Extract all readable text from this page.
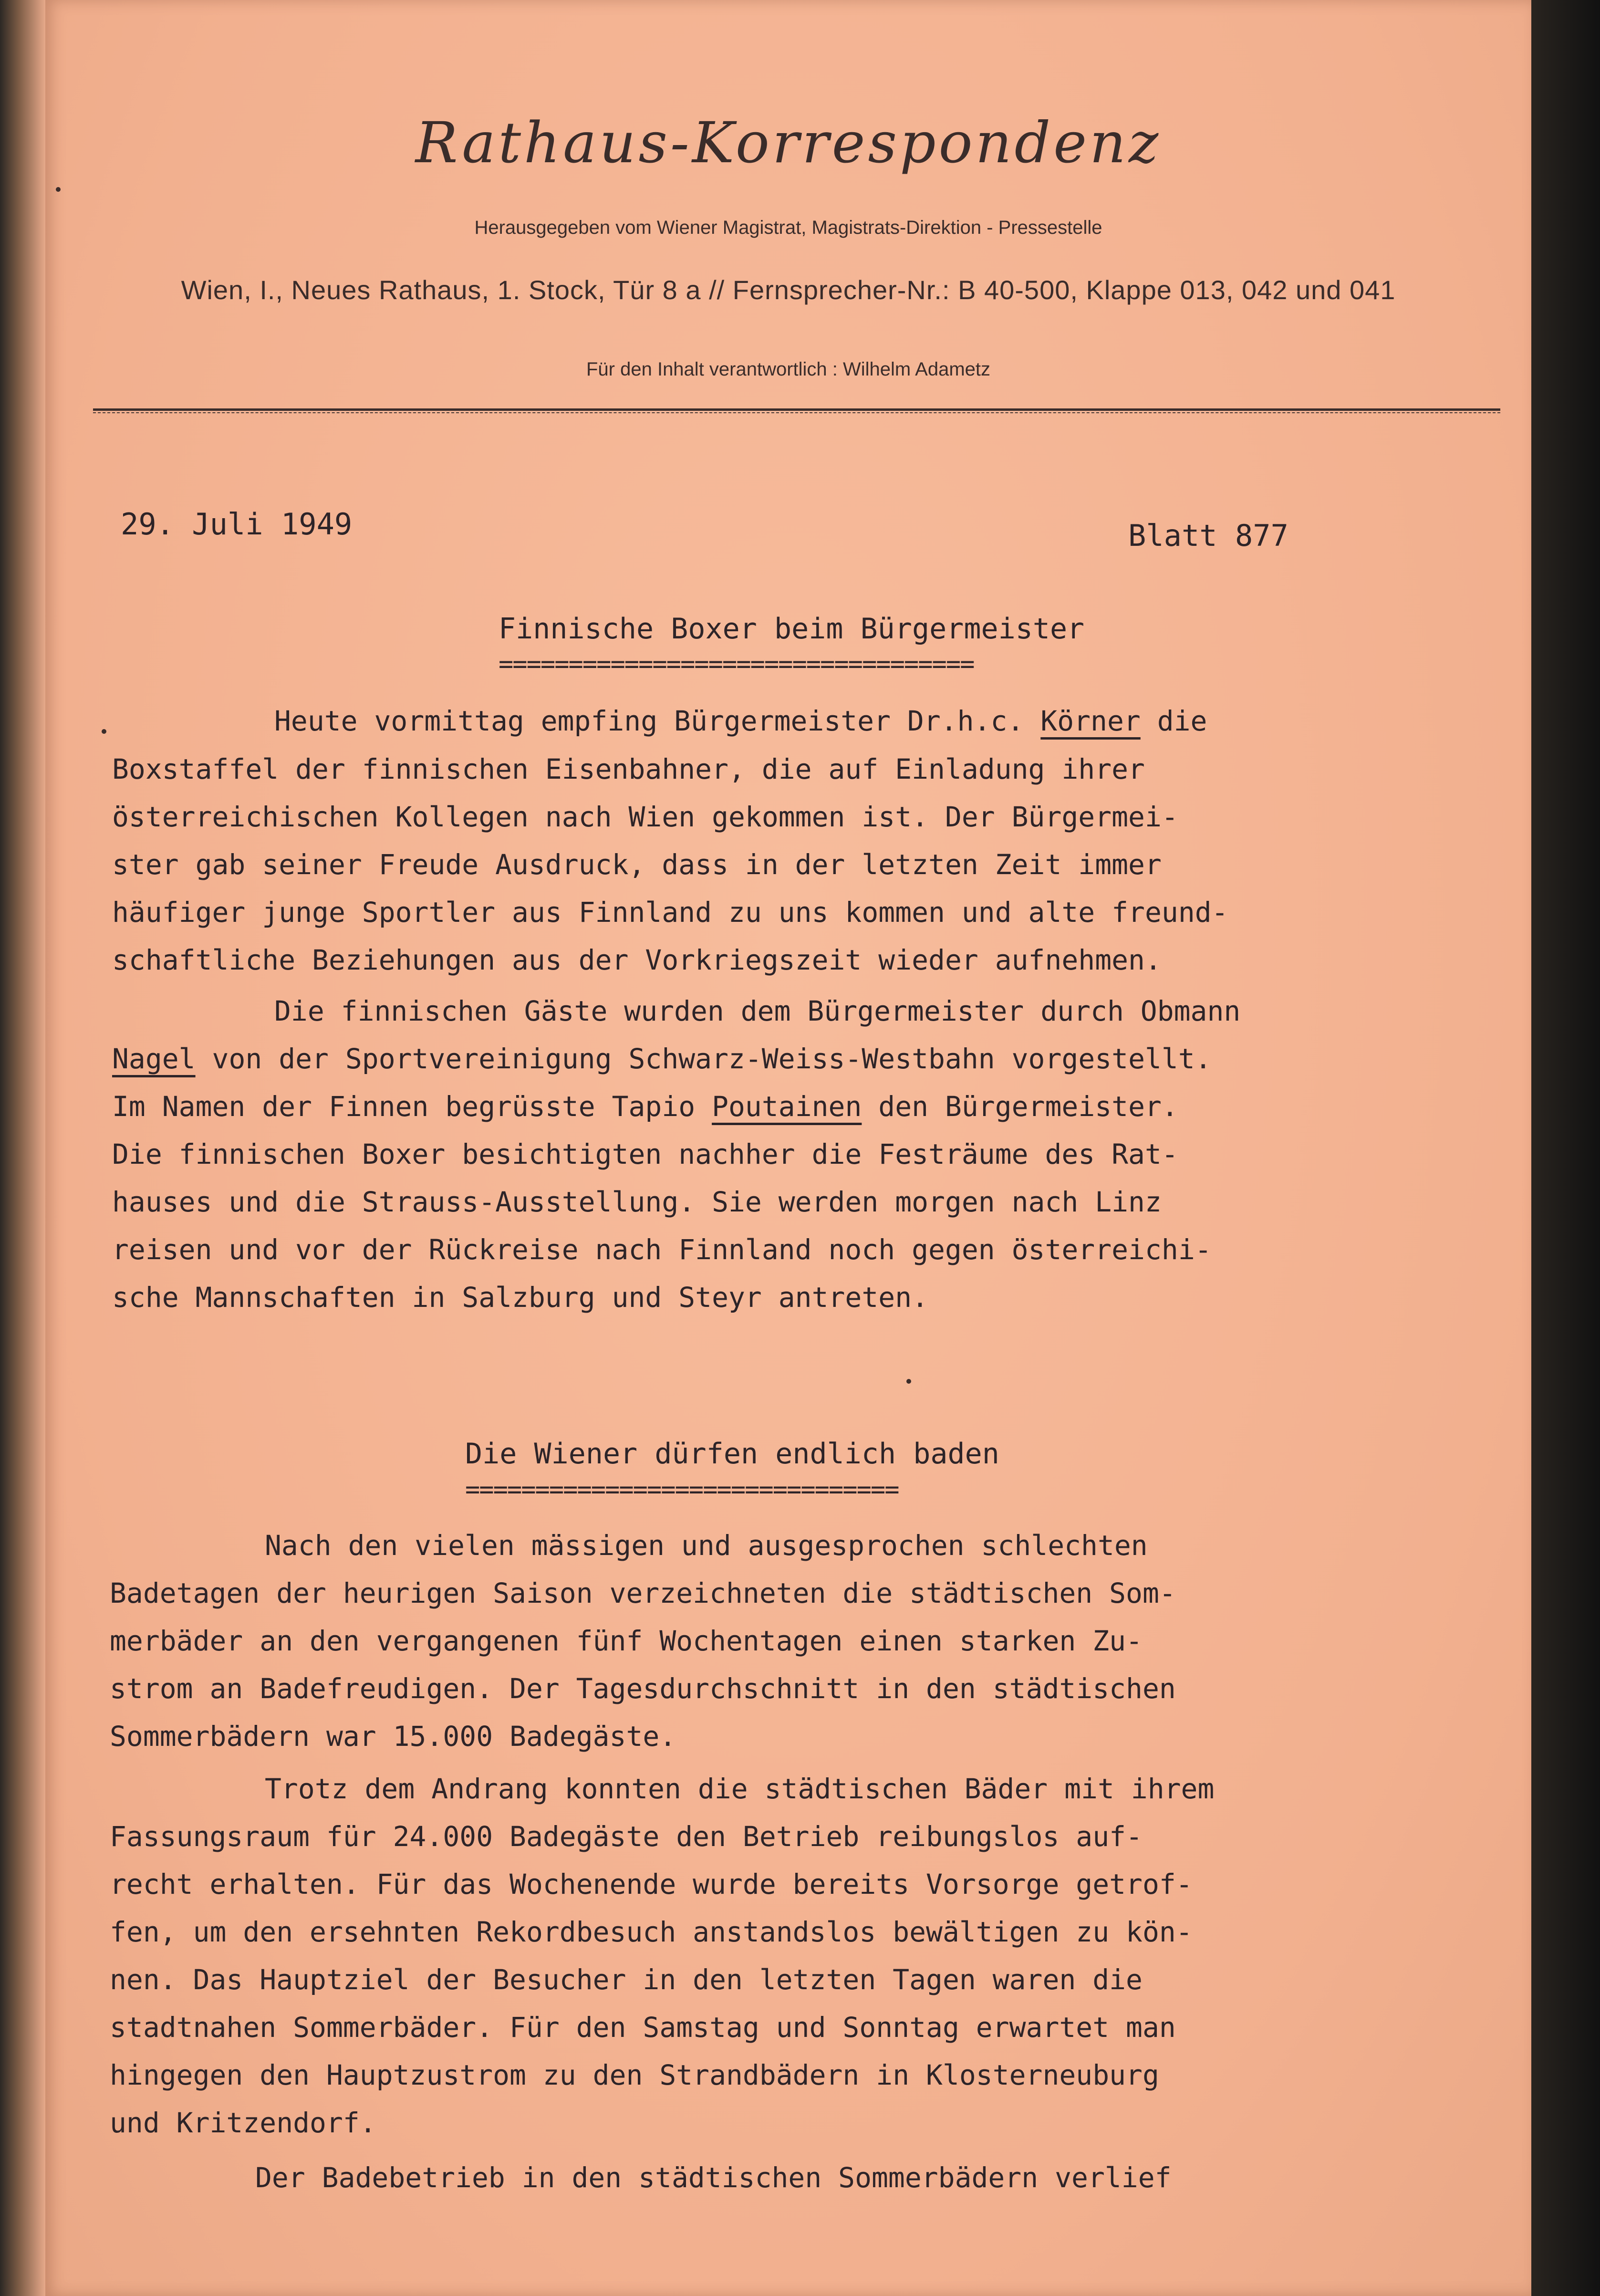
Rathaus-Korrespondenz
Herausgegeben vom Wiener Magistrat, Magistrats-Direktion - Pressestelle
Wien, I., Neues Rathaus, 1. Stock, Tür 8 a // Fernsprecher-Nr.: B 40-500, Klappe 013, 042 und 041
Für den Inhalt verantwortlich : Wilhelm Adametz
29. Juli 1949	Blatt 877
Finnische Boxer beim Bürgermeister
==================================
Heute vormittag empfing Bürgermeister Dr.h.c. Körner die
Boxstaffel der finnischen Eisenbahner, die auf Einladung ihrer
österreichischen Kollegen nach Wien gekommen ist. Der Bürgermei-
ster gab seiner Freude Ausdruck, dass in der letzten Zeit immer
häufiger junge Sportler aus Finnland zu uns kommen und alte freund-
schaftliche Beziehungen aus der Vorkriegszeit wieder aufnehmen.
Die finnischen Gäste wurden dem Bürgermeister durch Obmann
Nagel von der Sportvereinigung Schwarz-Weiss-Westbahn vorgestellt.
Im Namen der Finnen begrüsste Tapio Poutainen den Bürgermeister.
Die finnischen Boxer besichtigten nachher die Festräume des Rat-
hauses und die Strauss-Ausstellung. Sie werden morgen nach Linz
reisen und vor der Rückreise nach Finnland noch gegen österreichi-
sche Mannschaften in Salzburg und Steyr antreten.
Die Wiener dürfen endlich baden
===============================
Nach den vielen mässigen und ausgesprochen schlechten
Badetagen der heurigen Saison verzeichneten die städtischen Som-
merbäder an den vergangenen fünf Wochentagen einen starken Zu-
strom an Badefreudigen. Der Tagesdurchschnitt in den städtischen
Sommerbädern war 15.000 Badegäste.
Trotz dem Andrang konnten die städtischen Bäder mit ihrem
Fassungsraum für 24.000 Badegäste den Betrieb reibungslos auf-
recht erhalten. Für das Wochenende wurde bereits Vorsorge getrof-
fen, um den ersehnten Rekordbesuch anstandslos bewältigen zu kön-
nen. Das Hauptziel der Besucher in den letzten Tagen waren die
stadtnahen Sommerbäder. Für den Samstag und Sonntag erwartet man
hingegen den Hauptzustrom zu den Strandbädern in Klosterneuburg
und Kritzendorf.
Der Badebetrieb in den städtischen Sommerbädern verlief
